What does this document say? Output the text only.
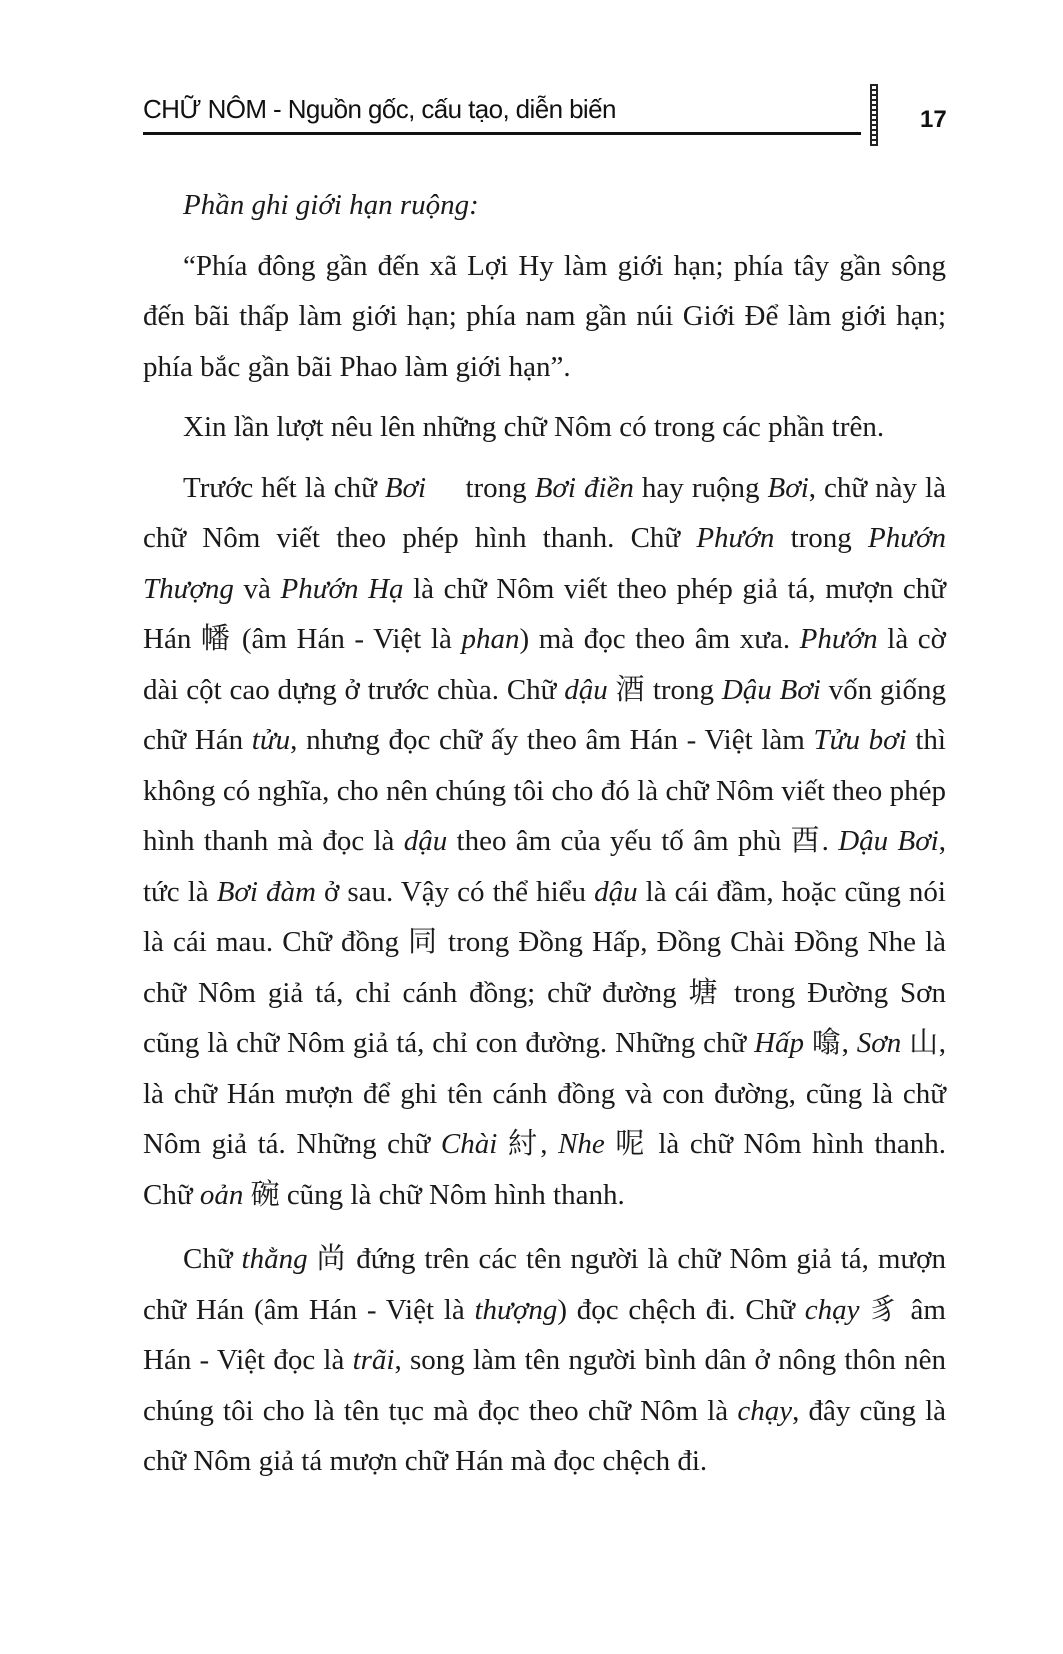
CHỮ NÔM - Nguồn gốc, cấu tạo, diễn biến	17

Phần ghi giới hạn ruộng:

“Phía đông gần đến xã Lợi Hy làm giới hạn; phía tây gần sông đến bãi thấp làm giới hạn; phía nam gần núi Giới Để làm giới hạn; phía bắc gần bãi Phao làm giới hạn”.

Xin lần lượt nêu lên những chữ Nôm có trong các phần trên.

Trước hết là chữ Bơi 𢱐 trong Bơi điền hay ruộng Bơi, chữ này là chữ Nôm viết theo phép hình thanh. Chữ Phướn trong Phướn Thượng và Phướn Hạ là chữ Nôm viết theo phép giả tá, mượn chữ Hán 幡 (âm Hán - Việt là phan) mà đọc theo âm xưa. Phướn là cờ dài cột cao dựng ở trước chùa. Chữ dậu 酒 trong Dậu Bơi vốn giống chữ Hán tửu, nhưng đọc chữ ấy theo âm Hán - Việt làm Tửu bơi thì không có nghĩa, cho nên chúng tôi cho đó là chữ Nôm viết theo phép hình thanh mà đọc là dậu theo âm của yếu tố âm phù 酉. Dậu Bơi, tức là Bơi đàm ở sau. Vậy có thể hiểu dậu là cái đầm, hoặc cũng nói là cái mau. Chữ đồng 同 trong Đồng Hấp, Đồng Chài Đồng Nhe là chữ Nôm giả tá, chỉ cánh đồng; chữ đường 塘 trong Đường Sơn cũng là chữ Nôm giả tá, chỉ con đường. Những chữ Hấp 噏, Sơn 山, là chữ Hán mượn để ghi tên cánh đồng và con đường, cũng là chữ Nôm giả tá. Những chữ Chài 紂, Nhe 呢 là chữ Nôm hình thanh. Chữ oản 碗 cũng là chữ Nôm hình thanh.

Chữ thằng 尚 đứng trên các tên người là chữ Nôm giả tá, mượn chữ Hán (âm Hán - Việt là thượng) đọc chệch đi. Chữ chạy 豸 âm Hán - Việt đọc là trãi, song làm tên người bình dân ở nông thôn nên chúng tôi cho là tên tục mà đọc theo chữ Nôm là chạy, đây cũng là chữ Nôm giả tá mượn chữ Hán mà đọc chệch đi.
